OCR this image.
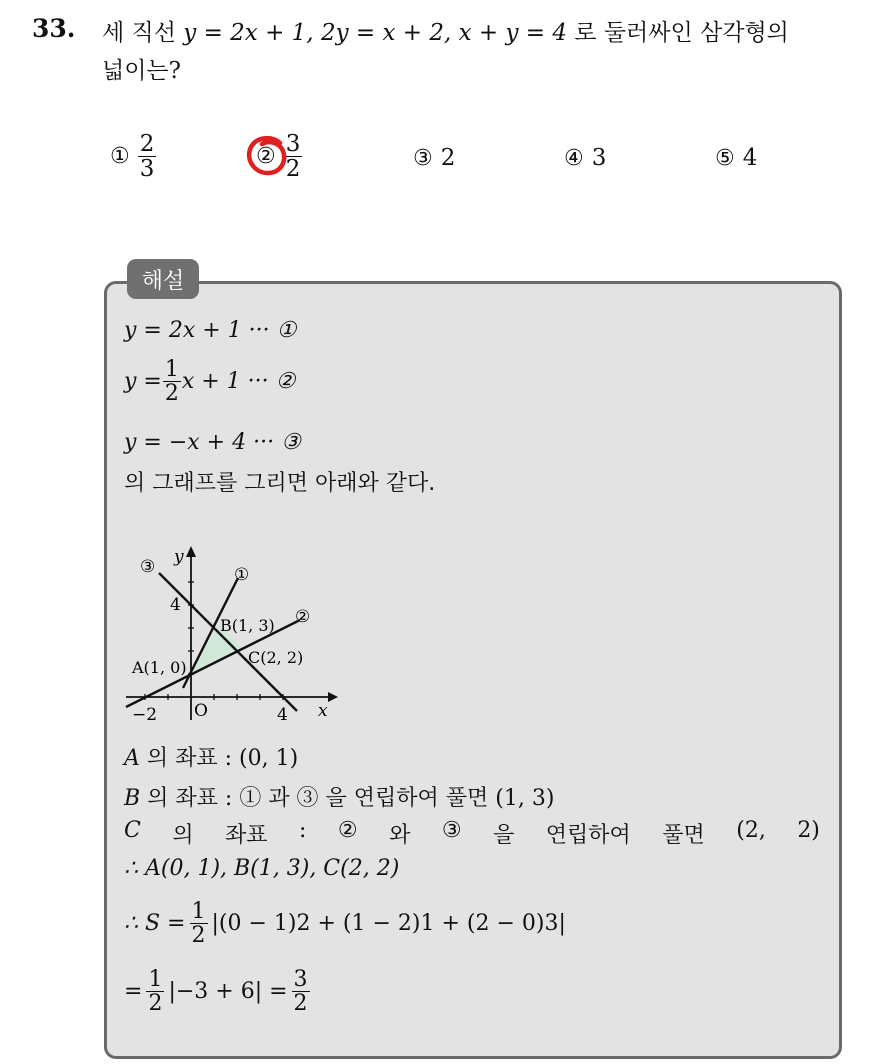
33. 세 직선 y = 2x + 1, 2y = x + 2, x + y = 4 로 둘러싸인 삼각형의
넓이는?
① $\frac{2}{3}$	② $\frac{3}{2}$	③ 2	④ 3	⑤ 4
해설
y = 2x + 1 ··· ①
$y = \frac{1}{2}$ x + 1 ··· ②
y = −x + 4 ··· ③
의 그래프를 그리면 아래와 같다.
③ y
①
②
4
B(1, 3)
A(1, 0)
C(2, 2)
−2 O	4 x
A 의 좌표 : (0, 1)
B 의 좌표 : ① 과 ③ 을 연립하여 풀면 (1, 3)
C 의 좌표 : ② 와 ③ 을 연립하여 풀면 (2, 2)
∴ A(0, 1), B(1, 3), C(2, 2)
∴ $S = \frac{1}{2} |(0 - 1)2 + (1 - 2)1 + (2 - 0)3|$
= $\frac{1}{2} |-3 + 6| = \frac{3}{2}$
